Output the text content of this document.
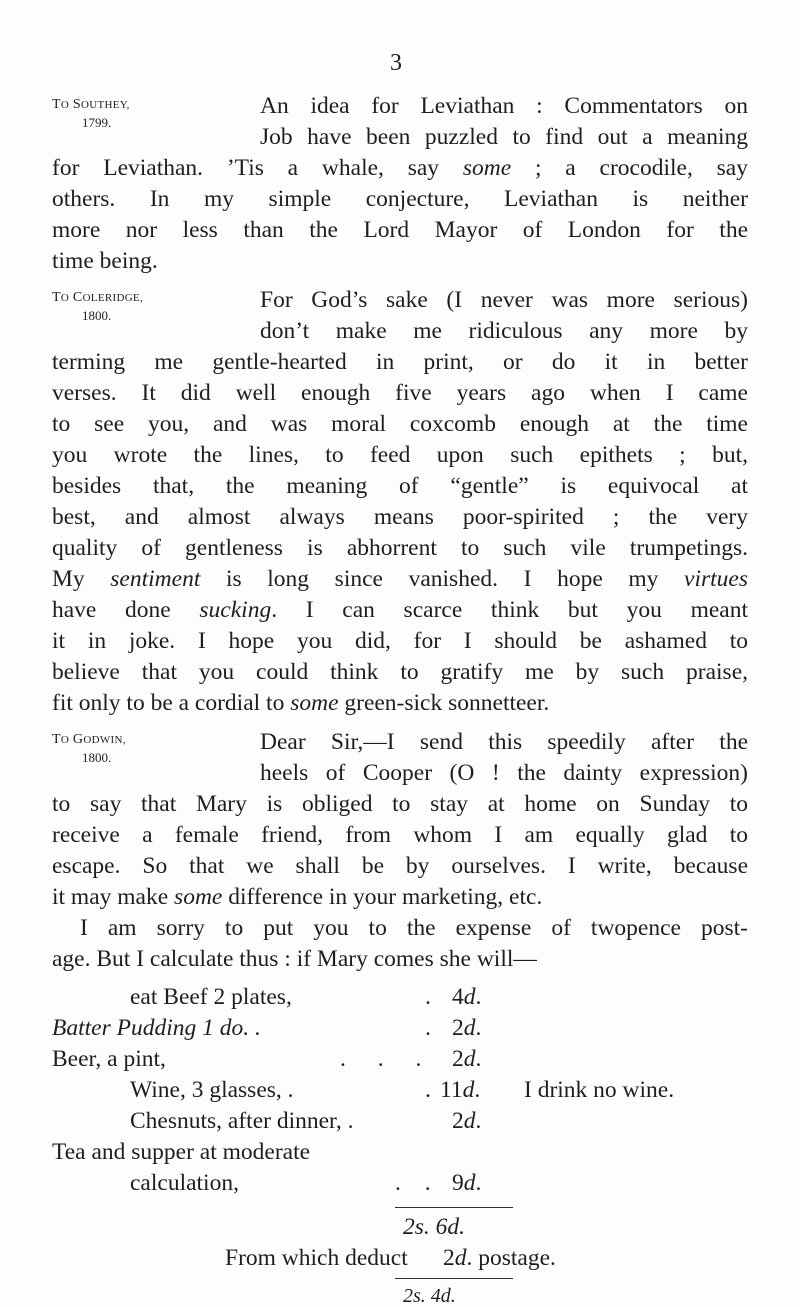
3
TO SOUTHEY,
1799.
An idea for Leviathan : Commentators on
Job have been puzzled to find out a meaning
for Leviathan. ’Tis a whale, say some ; a crocodile, say
others. In my simple conjecture, Leviathan is neither
more nor less than the Lord Mayor of London for the
time being.
TO COLERIDGE,
1800.
For God’s sake (I never was more serious)
don’t make me ridiculous any more by
terming me gentle-hearted in print, or do it in better
verses. It did well enough five years ago when I came
to see you, and was moral coxcomb enough at the time
you wrote the lines, to feed upon such epithets ; but,
besides that, the meaning of “gentle” is equivocal at
best, and almost always means poor-spirited ; the very
quality of gentleness is abhorrent to such vile trumpetings.
My sentiment is long since vanished. I hope my virtues
have done sucking. I can scarce think but you meant
it in joke. I hope you did, for I should be ashamed to
believe that you could think to gratify me by such praise,
fit only to be a cordial to some green-sick sonnetteer.
TO GODWIN,
1800.
Dear Sir,—I send this speedily after the
heels of Cooper (O ! the dainty expression)
to say that Mary is obliged to stay at home on Sunday to
receive a female friend, from whom I am equally glad to
escape. So that we shall be by ourselves. I write, because
it may make some difference in your marketing, etc.
I am sorry to put you to the expense of twopence post-
age. But I calculate thus : if Mary comes she will—
eat Beef 2 plates,	. 4d.
Batter Pudding 1 do. .	. 2d.
Beer, a pint,	. . . 2d.
Wine, 3 glasses, .	. 11d. I drink no wine.
Chesnuts, after dinner, .	2d.
Tea and supper at moderate
calculation,	. . 9d.
2s. 6d.
From which deduct 2d. postage.
2s. 4d.
